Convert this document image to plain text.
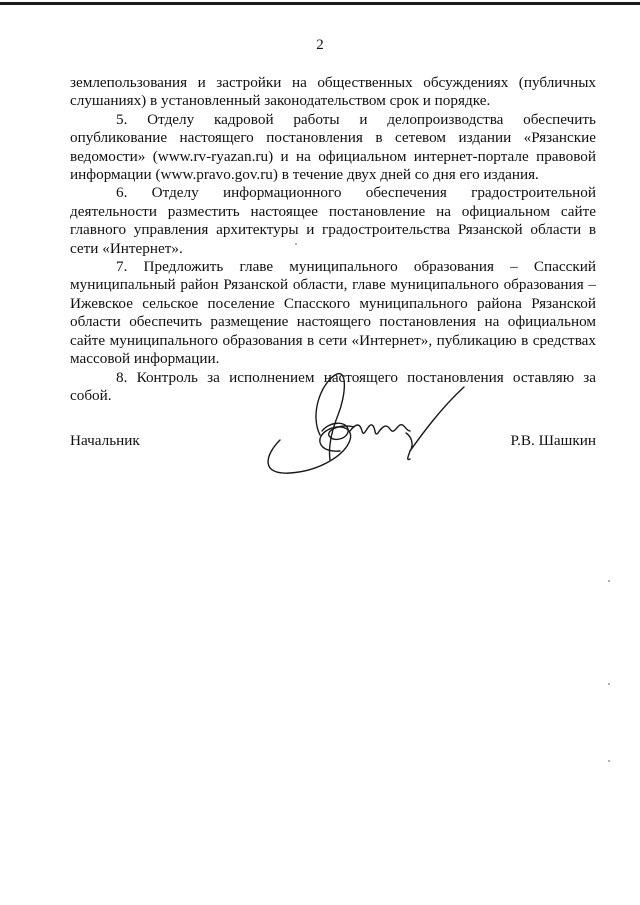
2

землепользования и застройки на общественных обсуждениях (публичных слушаниях) в установленный законодательством срок и порядке.

5. Отделу кадровой работы и делопроизводства обеспечить опубликование настоящего постановления в сетевом издании «Рязанские ведомости» (www.rv-ryazan.ru) и на официальном интернет-портале правовой информации (www.pravo.gov.ru) в течение двух дней со дня его издания.

6. Отделу информационного обеспечения градостроительной деятельности разместить настоящее постановление на официальном сайте главного управления архитектуры и градостроительства Рязанской области в сети «Интернет».

7. Предложить главе муниципального образования – Спасский муниципальный район Рязанской области, главе муниципального образования – Ижевское сельское поселение Спасского муниципального района Рязанской области обеспечить размещение настоящего постановления на официальном сайте муниципального образования в сети «Интернет», публикацию в средствах массовой информации.

8. Контроль за исполнением настоящего постановления оставляю за собой.

Начальник	Р.В. Шашкин
